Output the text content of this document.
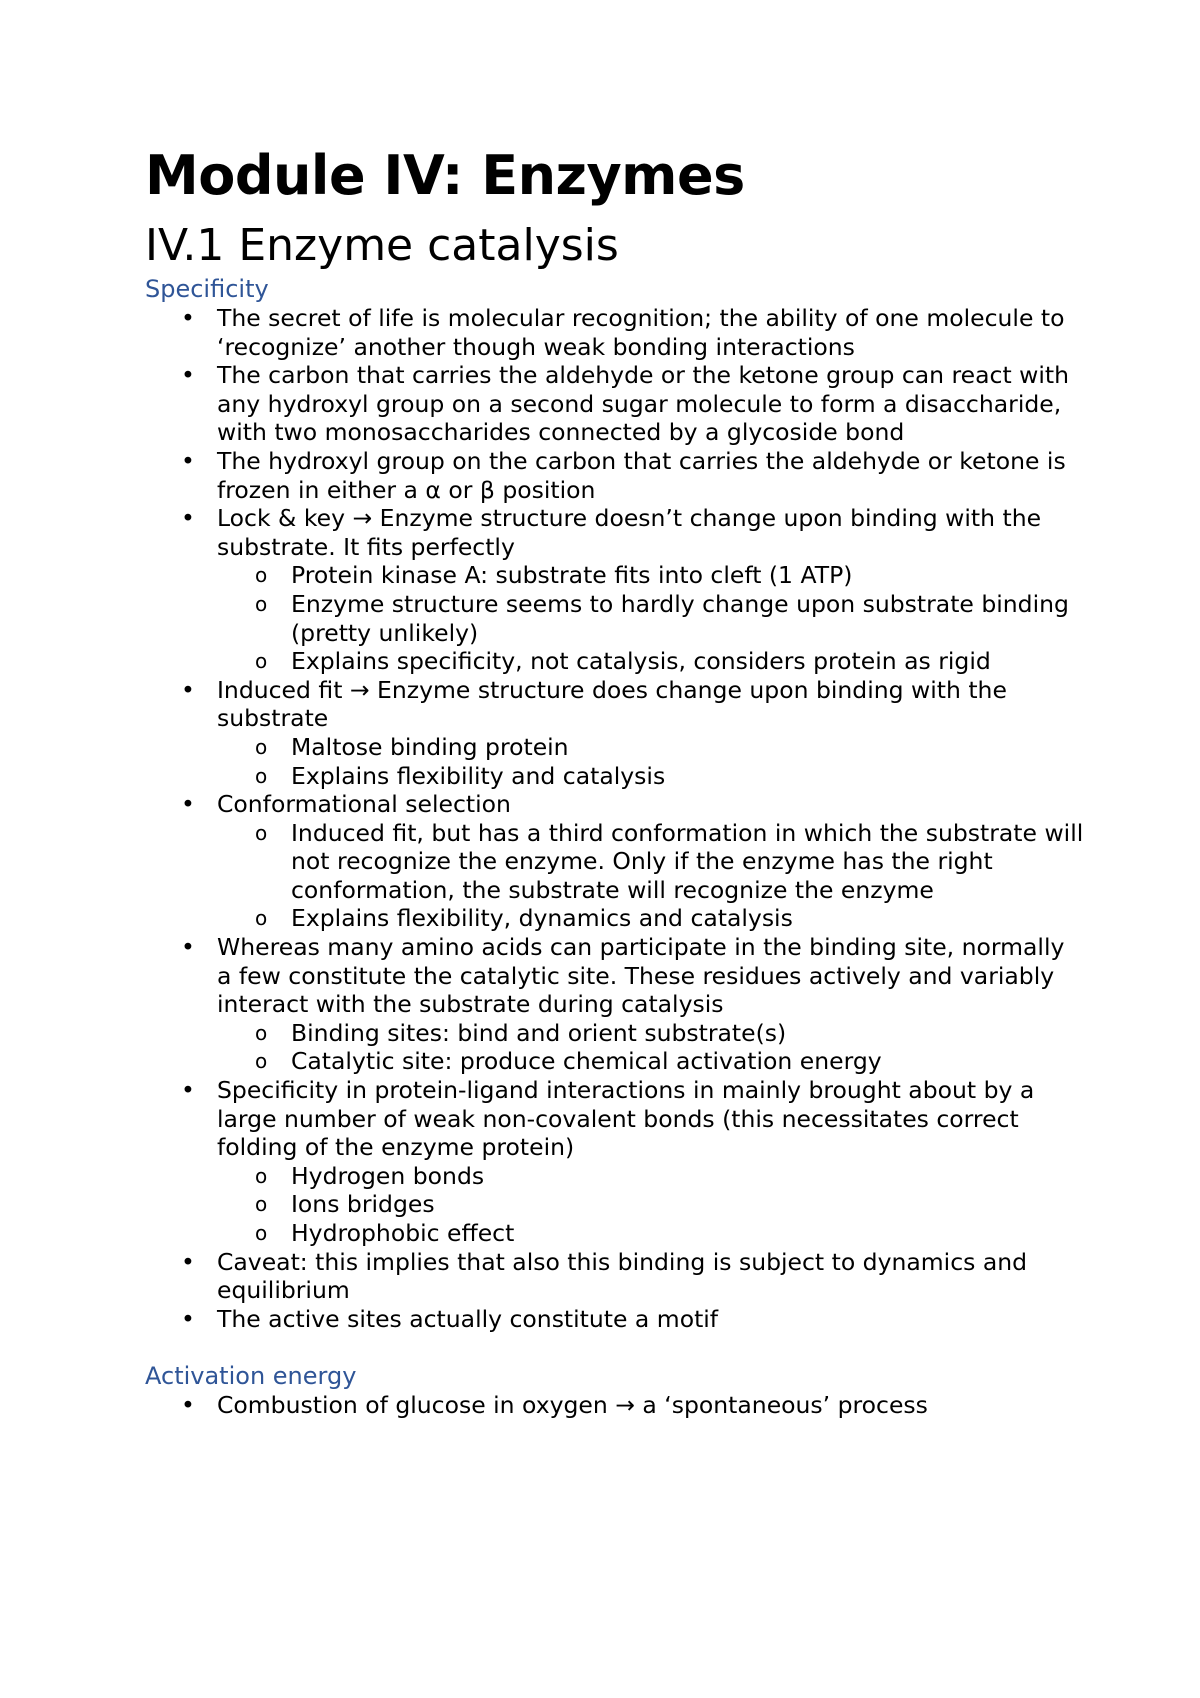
Module IV: Enzymes
IV.1 Enzyme catalysis
Specificity
• The secret of life is molecular recognition; the ability of one molecule to ‘recognize’ another though weak bonding interactions
• The carbon that carries the aldehyde or the ketone group can react with any hydroxyl group on a second sugar molecule to form a disaccharide, with two monosaccharides connected by a glycoside bond
• The hydroxyl group on the carbon that carries the aldehyde or ketone is frozen in either a α or β position
• Lock & key → Enzyme structure doesn’t change upon binding with the substrate. It fits perfectly
o Protein kinase A: substrate fits into cleft (1 ATP)
o Enzyme structure seems to hardly change upon substrate binding (pretty unlikely)
o Explains specificity, not catalysis, considers protein as rigid
• Induced fit → Enzyme structure does change upon binding with the substrate
o Maltose binding protein
o Explains flexibility and catalysis
• Conformational selection
o Induced fit, but has a third conformation in which the substrate will not recognize the enzyme. Only if the enzyme has the right conformation, the substrate will recognize the enzyme
o Explains flexibility, dynamics and catalysis
• Whereas many amino acids can participate in the binding site, normally a few constitute the catalytic site. These residues actively and variably interact with the substrate during catalysis
o Binding sites: bind and orient substrate(s)
o Catalytic site: produce chemical activation energy
• Specificity in protein-ligand interactions in mainly brought about by a large number of weak non-covalent bonds (this necessitates correct folding of the enzyme protein)
o Hydrogen bonds
o Ions bridges
o Hydrophobic effect
• Caveat: this implies that also this binding is subject to dynamics and equilibrium
• The active sites actually constitute a motif
Activation energy
• Combustion of glucose in oxygen → a ‘spontaneous’ process
